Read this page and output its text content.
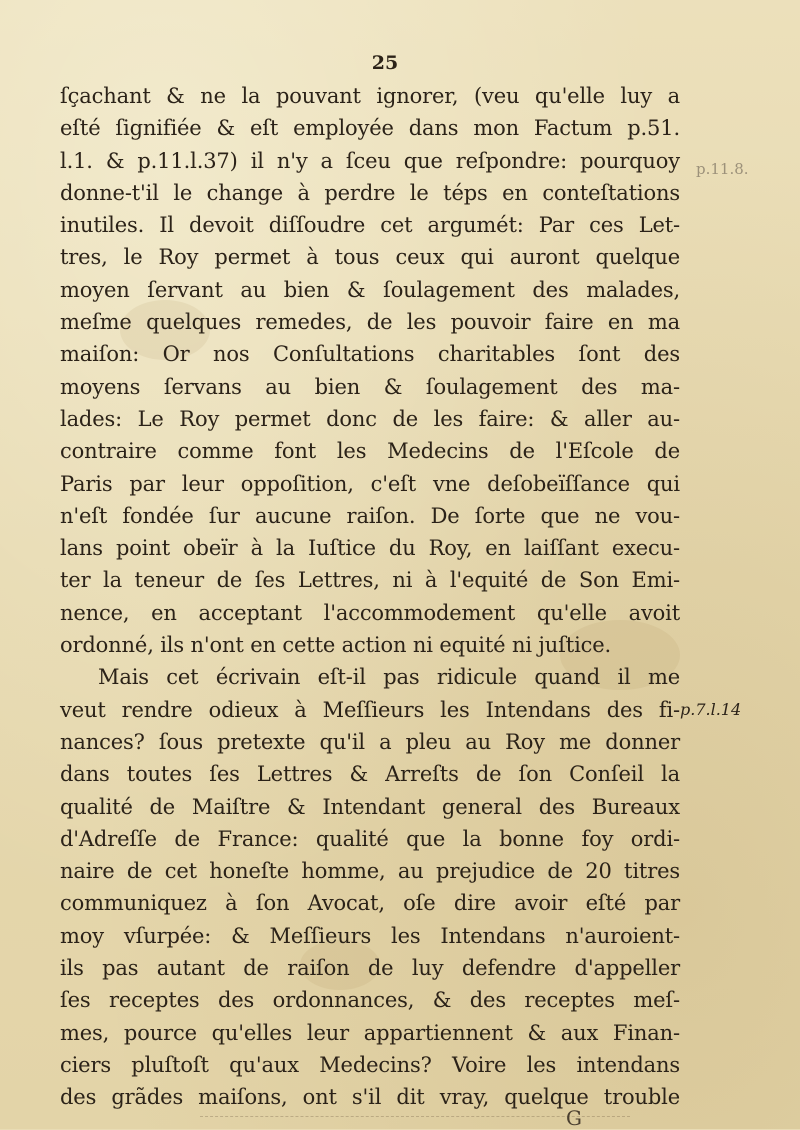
25
ſçachant & ne la pouvant ignorer, (veu qu'elle luy a
eſté ſignifiée & eſt employée dans mon Factum p.51.
l.1. & p.11.l.37) il n'y a ſceu que reſpondre: pourquoy
donne-t'il le change à perdre le téps en conteſtations
inutiles. Il devoit diſſoudre cet argumét: Par ces Let-
tres, le Roy permet à tous ceux qui auront quelque
moyen ſervant au bien & ſoulagement des malades,
meſme quelques remedes, de les pouvoir faire en ma
maiſon: Or nos Conſultations charitables ſont des
moyens ſervans au bien & ſoulagement des ma-
lades: Le Roy permet donc de les faire: & aller au-
contraire comme font les Medecins de l'Eſcole de
Paris par leur oppoſition, c'eſt vne deſobeïſſance qui
n'eſt fondée ſur aucune raiſon. De ſorte que ne vou-
lans point obeïr à la Iuſtice du Roy, en laiſſant execu-
ter la teneur de ſes Lettres, ni à l'equité de Son Emi-
nence, en acceptant l'accommodement qu'elle avoit
ordonné, ils n'ont en cette action ni equité ni juſtice.
Mais cet écrivain eſt-il pas ridicule quand il me
veut rendre odieux à Meſſieurs les Intendans des fi-
nances? ſous pretexte qu'il a pleu au Roy me donner
dans toutes ſes Lettres & Arreſts de ſon Conſeil la
qualité de Maiſtre & Intendant general des Bureaux
d'Adreſſe de France: qualité que la bonne foy ordi-
naire de cet honeſte homme, au prejudice de 20 titres
communiquez à ſon Avocat, oſe dire avoir eſté par
moy vſurpée: & Meſſieurs les Intendans n'auroient-
ils pas autant de raiſon de luy defendre d'appeller
ſes receptes des ordonnances, & des receptes meſ-
mes, pource qu'elles leur appartiennent & aux Finan-
ciers pluſtoſt qu'aux Medecins? Voire les intendans
des grãdes maiſons, ont s'il dit vray, quelque trouble
p.11.8.
p.7.l.14
G
